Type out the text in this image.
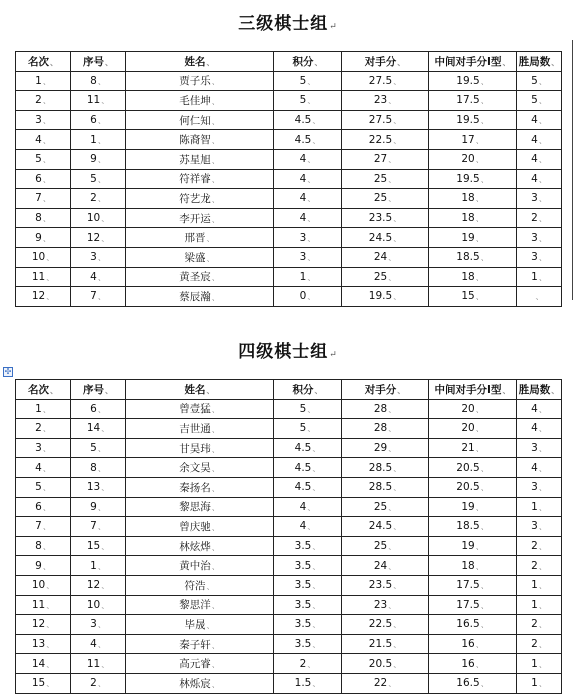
三级棋士组↵
名次、	序号、	姓名、	积分、	对手分、	中间对手分Ⅰ型、	胜局数、
1、	8、	贾子乐、	5、	27.5、	19.5、	5、
2、	11、	毛佳坤、	5、	23、	17.5、	5、
3、	6、	何仁知、	4.5、	27.5、	19.5、	4、
4、	1、	陈裔智、	4.5、	22.5、	17、	4、
5、	9、	苏星旭、	4、	27、	20、	4、
6、	5、	符祥睿、	4、	25、	19.5、	4、
7、	2、	符艺龙、	4、	25、	18、	3、
8、	10、	李开运、	4、	23.5、	18、	2、
9、	12、	邢晋、	3、	24.5、	19、	3、
10、	3、	梁盛、	3、	24、	18.5、	3、
11、	4、	黄圣宸、	1、	25、	18、	1、
12、	7、	蔡辰瀚、	0、	19.5、	15、	、
四级棋士组↵
✣
名次、	序号、	姓名、	积分、	对手分、	中间对手分Ⅰ型、	胜局数、
1、	6、	曾壹猛、	5、	28、	20、	4、
2、	14、	吉世通、	5、	28、	20、	4、
3、	5、	甘昊玮、	4.5、	29、	21、	3、
4、	8、	余文昊、	4.5、	28.5、	20.5、	4、
5、	13、	秦扬名、	4.5、	28.5、	20.5、	3、
6、	9、	黎思海、	4、	25、	19、	1、
7、	7、	曾庆驰、	4、	24.5、	18.5、	3、
8、	15、	林炫烨、	3.5、	25、	19、	2、
9、	1、	黄中治、	3.5、	24、	18、	2、
10、	12、	符浩、	3.5、	23.5、	17.5、	1、
11、	10、	黎思洋、	3.5、	23、	17.5、	1、
12、	3、	毕晟、	3.5、	22.5、	16.5、	2、
13、	4、	秦子轩、	3.5、	21.5、	16、	2、
14、	11、	高元睿、	2、	20.5、	16、	1、
15、	2、	林烁宸、	1.5、	22、	16.5、	1、
